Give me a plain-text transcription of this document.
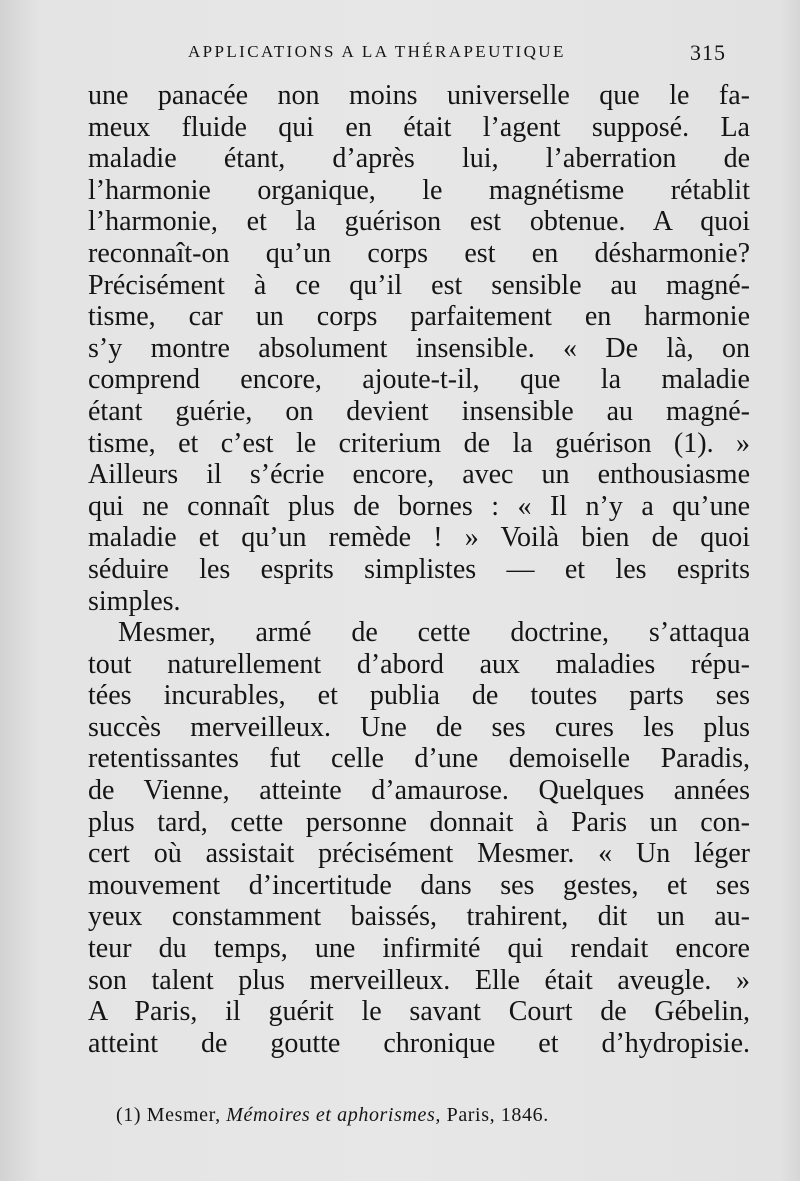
APPLICATIONS A LA THÉRAPEUTIQUE	315

une panacée non moins universelle que le fa-

meux fluide qui en était l’agent supposé. La

maladie étant, d’après lui, l’aberration de

l’harmonie organique, le magnétisme rétablit

l’harmonie, et la guérison est obtenue. A quoi

reconnaît-on qu’un corps est en désharmonie?

Précisément à ce qu’il est sensible au magné-

tisme, car un corps parfaitement en harmonie

s’y montre absolument insensible. « De là, on

comprend encore, ajoute-t-il, que la maladie

étant guérie, on devient insensible au magné-

tisme, et c’est le criterium de la guérison (1). »

Ailleurs il s’écrie encore, avec un enthousiasme

qui ne connaît plus de bornes : « Il n’y a qu’une

maladie et qu’un remède ! » Voilà bien de quoi

séduire les esprits simplistes — et les esprits

simples.

Mesmer, armé de cette doctrine, s’attaqua

tout naturellement d’abord aux maladies répu-

tées incurables, et publia de toutes parts ses

succès merveilleux. Une de ses cures les plus

retentissantes fut celle d’une demoiselle Paradis,

de Vienne, atteinte d’amaurose. Quelques années

plus tard, cette personne donnait à Paris un con-

cert où assistait précisément Mesmer. « Un léger

mouvement d’incertitude dans ses gestes, et ses

yeux constamment baissés, trahirent, dit un au-

teur du temps, une infirmité qui rendait encore

son talent plus merveilleux. Elle était aveugle. »

A Paris, il guérit le savant Court de Gébelin,

atteint de goutte chronique et d’hydropisie.

(1) Mesmer, Mémoires et aphorismes, Paris, 1846.
